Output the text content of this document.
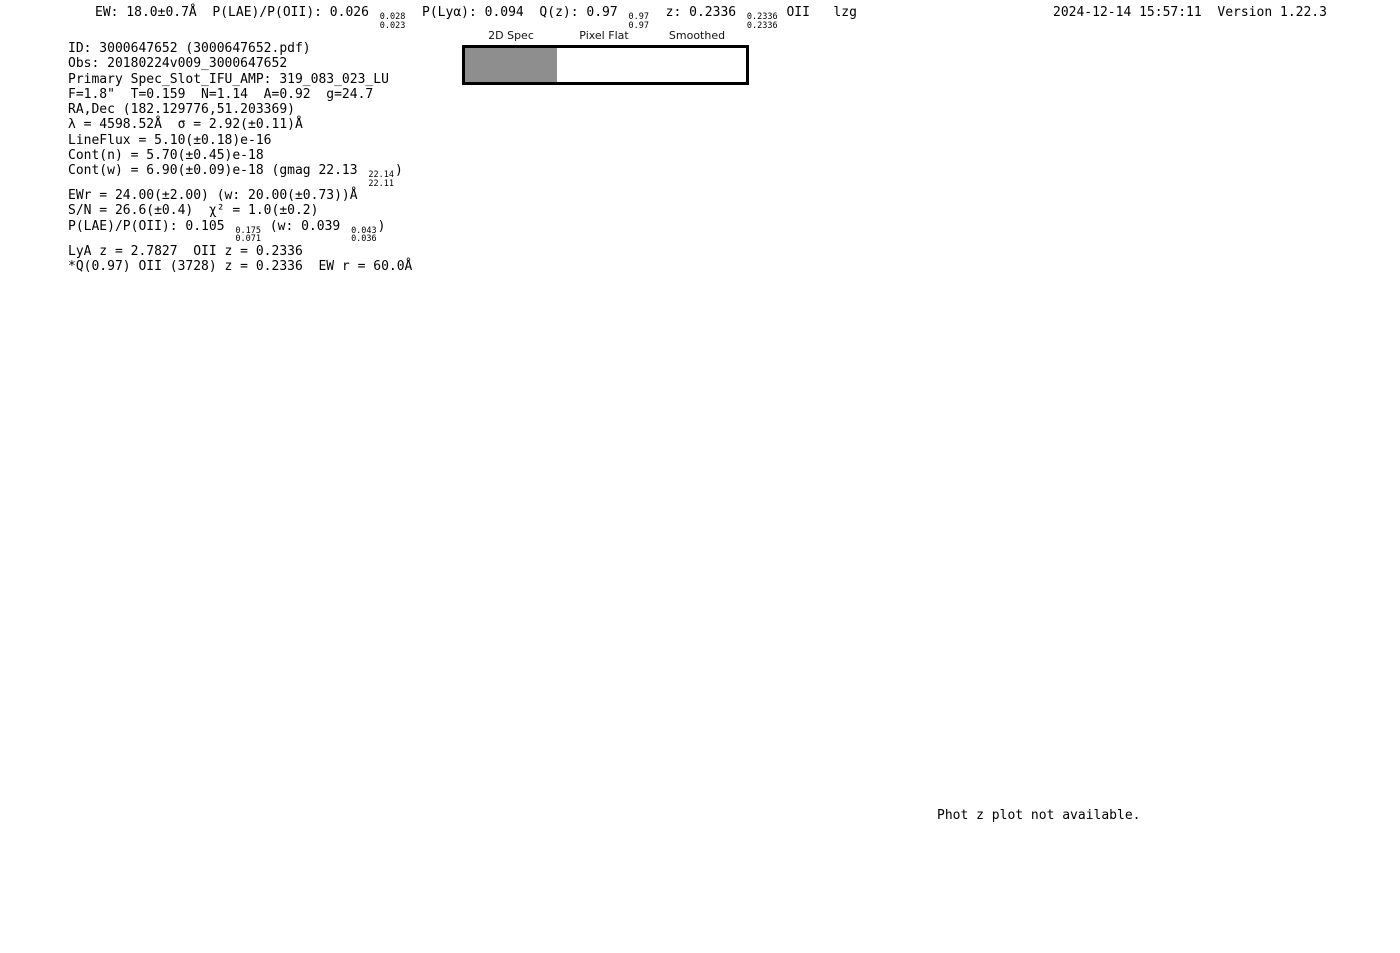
EW: 18.0±0.7Å  P(LAE)/P(OII): 0.026 0.028
0.023
P(Lyα): 0.094  Q(z): 0.97 0.97
0.97
z: 0.2336 0.2336
0.2336
OII   lzg	2024-12-14 15:57:11 Version 1.22.3
ID: 3000647652 (3000647652.pdf)
Obs: 20180224v009_3000647652
Primary Spec_Slot_IFU_AMP: 319_083_023_LU
F=1.8"  T=0.159  N=1.14  A=0.92  g=24.7
RA,Dec (182.129776,51.203369)
λ = 4598.52Å  σ = 2.92(±0.11)Å
LineFlux = 5.10(±0.18)e-16
Cont(n) = 5.70(±0.45)e-18
Cont(w) = 6.90(±0.09)e-18 (gmag 22.13 22.14
22.11
)
EWr = 24.00(±2.00) (w: 20.00(±0.73))Å
S/N = 26.6(±0.4)  χ² = 1.0(±0.2)
P(LAE)/P(OII): 0.105 0.175
0.071
(w: 0.039 0.043
0.036
)
LyA z = 2.7827  OII z = 0.2336
*Q(0.97) OII (3728) z = 0.2336  EW r = 60.0Å
2D Spec	Pixel Flat	Smoothed
Phot z plot not available.
